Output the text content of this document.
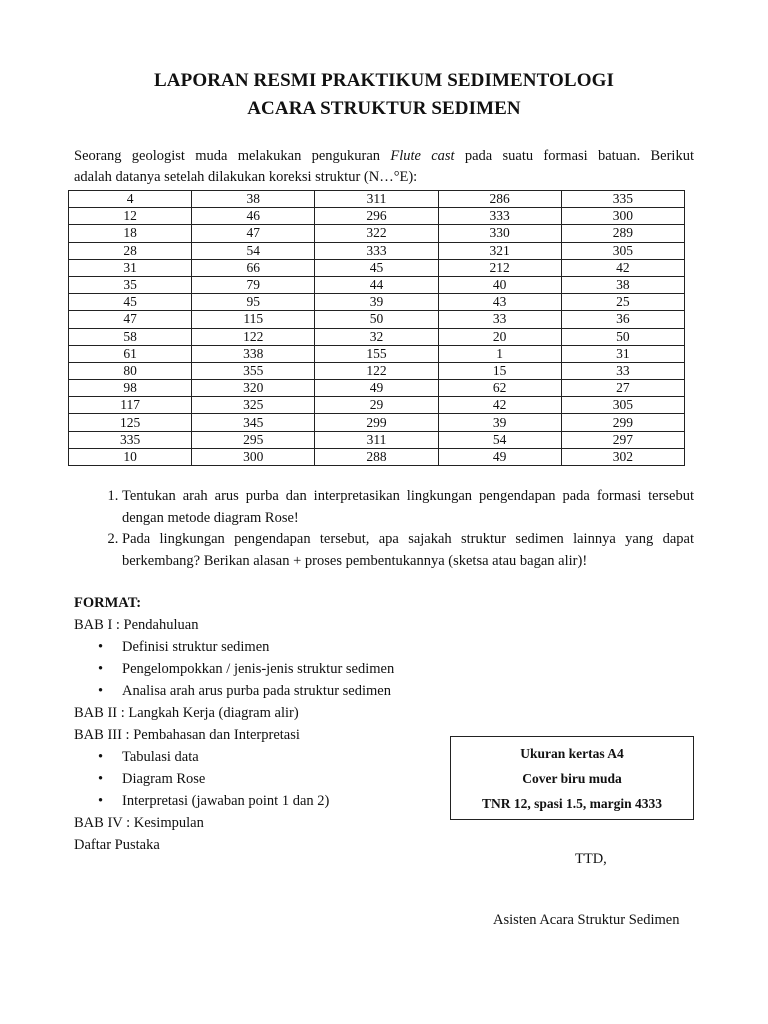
LAPORAN RESMI PRAKTIKUM SEDIMENTOLOGI
ACARA STRUKTUR SEDIMEN
Seorang geologist muda melakukan pengukuran Flute cast pada suatu formasi batuan. Berikut
adalah datanya setelah dilakukan koreksi struktur (N…°E):
4	38	311	286	335
12	46	296	333	300
18	47	322	330	289
28	54	333	321	305
31	66	45	212	42
35	79	44	40	38
45	95	39	43	25
47	115	50	33	36
58	122	32	20	50
61	338	155	1	31
80	355	122	15	33
98	320	49	62	27
117	325	29	42	305
125	345	299	39	299
335	295	311	54	297
10	300	288	49	302
1. Tentukan arah arus purba dan interpretasikan lingkungan pengendapan pada formasi tersebut dengan metode diagram Rose!
2. Pada lingkungan pengendapan tersebut, apa sajakah struktur sedimen lainnya yang dapat berkembang? Berikan alasan + proses pembentukannya (sketsa atau bagan alir)!
FORMAT:
BAB I : Pendahuluan
• Definisi struktur sedimen
• Pengelompokkan / jenis-jenis struktur sedimen
• Analisa arah arus purba pada struktur sedimen
BAB II : Langkah Kerja (diagram alir)
BAB III : Pembahasan dan Interpretasi
• Tabulasi data
• Diagram Rose
• Interpretasi (jawaban point 1 dan 2)
BAB IV : Kesimpulan
Daftar Pustaka
Ukuran kertas A4
Cover biru muda
TNR 12, spasi 1.5, margin 4333
TTD,
Asisten Acara Struktur Sedimen
